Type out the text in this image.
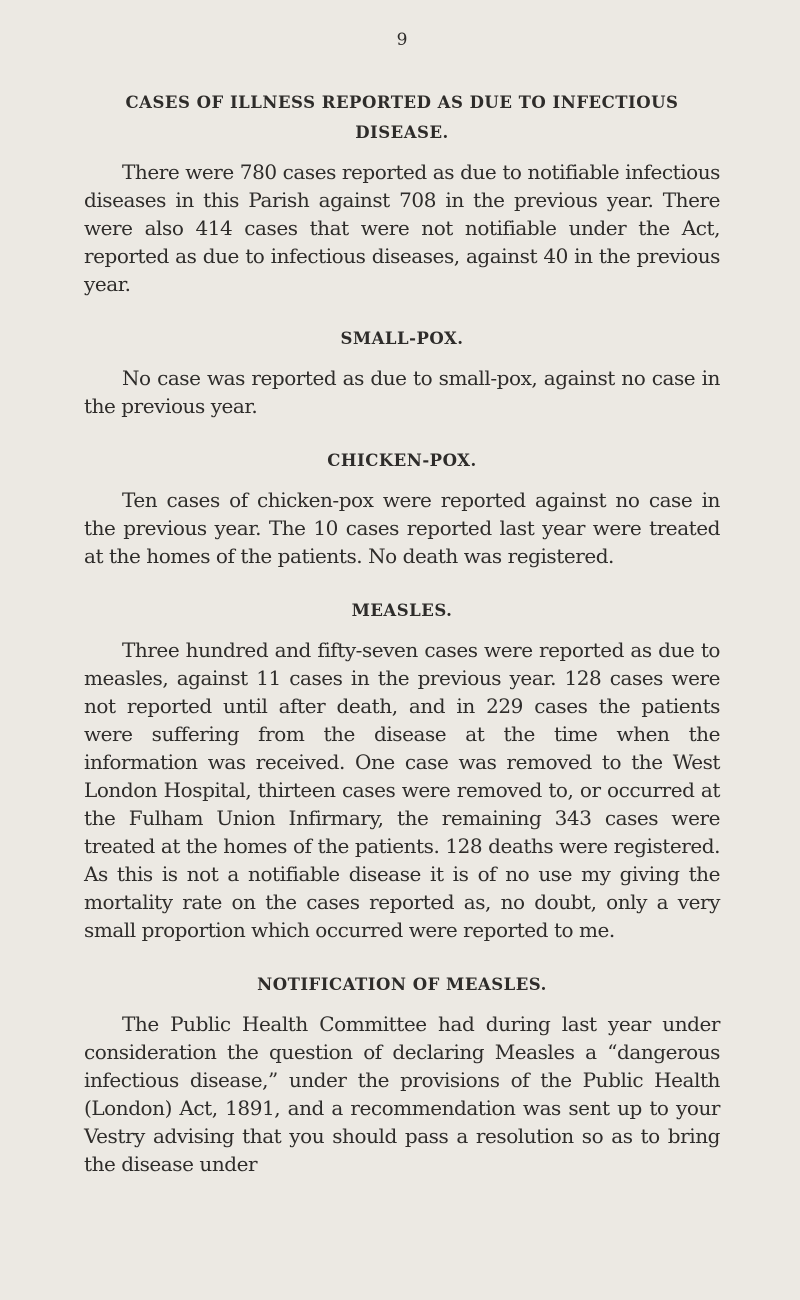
9
CASES OF ILLNESS REPORTED AS DUE TO INFECTIOUS DISEASE.

There were 780 cases reported as due to notifiable infectious diseases in this Parish against 708 in the previous year. There were also 414 cases that were not notifiable under the Act, reported as due to infectious diseases, against 40 in the previous year.

SMALL-POX.

No case was reported as due to small-pox, against no case in the previous year.

CHICKEN-POX.

Ten cases of chicken-pox were reported against no case in the previous year. The 10 cases reported last year were treated at the homes of the patients. No death was registered.

MEASLES.

Three hundred and fifty-seven cases were reported as due to measles, against 11 cases in the previous year. 128 cases were not reported until after death, and in 229 cases the patients were suffering from the disease at the time when the information was received. One case was removed to the West London Hospital, thirteen cases were removed to, or occurred at the Fulham Union Infirmary, the remaining 343 cases were treated at the homes of the patients. 128 deaths were registered. As this is not a notifiable disease it is of no use my giving the mortality rate on the cases reported as, no doubt, only a very small proportion which occurred were reported to me.

NOTIFICATION OF MEASLES.

The Public Health Committee had during last year under consideration the question of declaring Measles a “dangerous infectious disease,” under the provisions of the Public Health (London) Act, 1891, and a recommendation was sent up to your Vestry advising that you should pass a resolution so as to bring the disease under
